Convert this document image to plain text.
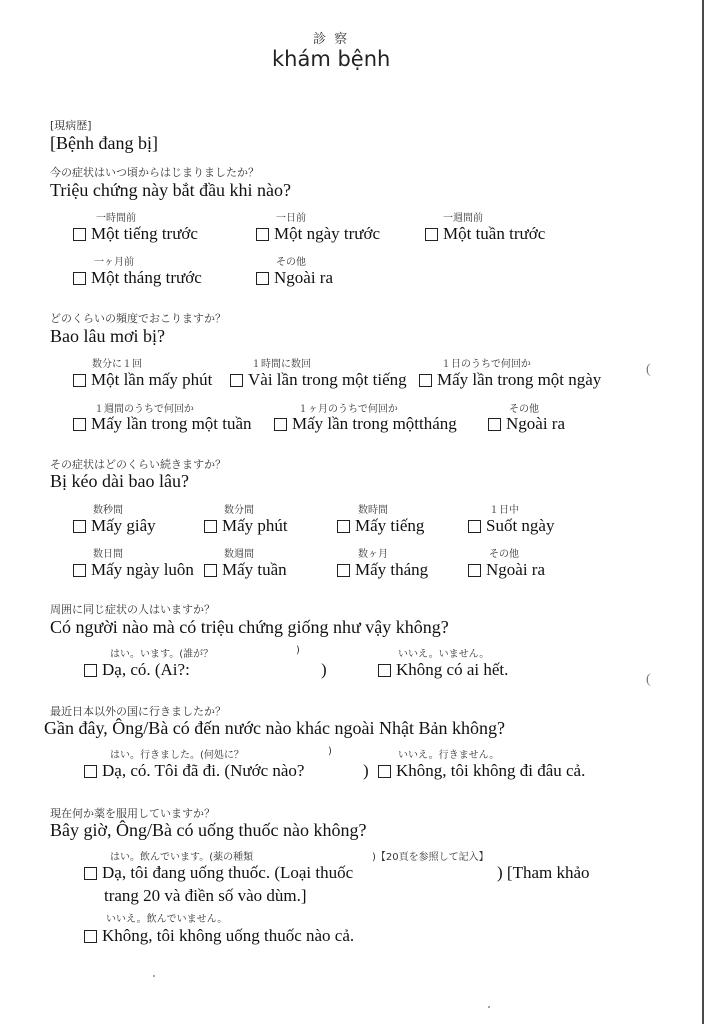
診 察
khám bệnh
[現病歴]
[Bệnh đang bị]
今の症状はいつ頃からはじまりましたか？
Triệu chứng này bắt đầu khi nào?
一時間前
Một tiếng trước
一日前
Một ngày trước
一週間前
Một tuần trước
一ヶ月前
Một tháng trước
その他
Ngoài ra
どのくらいの頻度でおこりますか？
Bao lâu mơi bị?
数分に１回
Một lần mấy phút
１時間に数回
Vài lần trong một tiếng
１日のうちで何回か
Mấy lần trong một ngày
１週間のうちで何回か
Mấy lần trong một tuần
１ヶ月のうちで何回か
Mấy lần trong mộttháng
その他
Ngoài ra
(
その症状はどのくらい続きますか？
Bị kéo dài bao lâu?
数秒間
Mấy giây
数分間
Mấy phút
数時間
Mấy tiếng
１日中
Suốt ngày
数日間
Mấy ngày luôn
数週間
Mấy tuần
数ヶ月
Mấy tháng
その他
Ngoài ra
周囲に同じ症状の人はいますか？
Có người nào mà có triệu chứng giống như vậy không?
はい。います。(誰が？	)
Dạ, có. (Ai?:	)
いいえ。いません。
Không có ai hết.
(
最近日本以外の国に行きましたか？
Gần đây, Ông/Bà có đến nước nào khác ngoài Nhật Bản không?
はい。行きました。(何処に？	)
Dạ, có. Tôi đã đi. (Nước nào?	)
いいえ。行きません。
Không, tôi không đi đâu cả.
現在何か薬を服用していますか？
Bây giờ, Ông/Bà có uống thuốc nào không?
はい。飲んでいます。(薬の種類	)【20頁を参照して記入】
Dạ, tôi đang uống thuốc. (Loại thuốc	) [Tham khảo
trang 20 và điền số vào dùm.]
いいえ。飲んでいません。
Không, tôi không uống thuốc nào cả.
